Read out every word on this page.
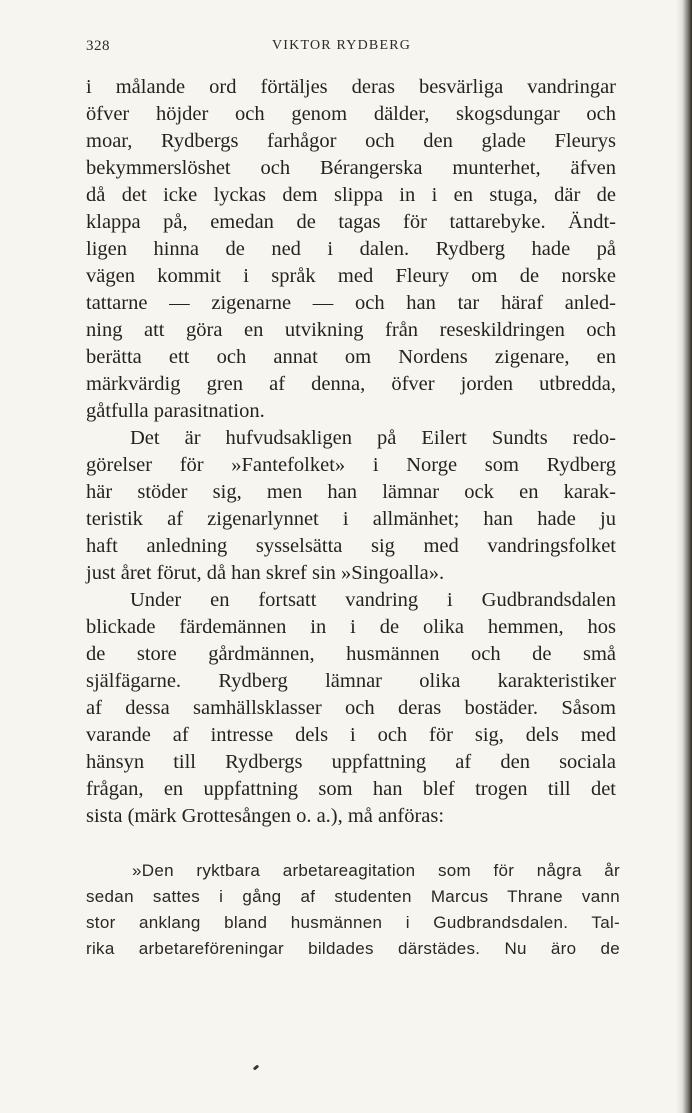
328	VIKTOR RYDBERG
i målande ord förtäljes deras besvärliga vandringar
öfver höjder och genom dälder, skogsdungar och
moar, Rydbergs farhågor och den glade Fleurys
bekymmerslöshet och Bérangerska munterhet, äfven
då det icke lyckas dem slippa in i en stuga, där de
klappa på, emedan de tagas för tattarebyke. Ändt-
ligen hinna de ned i dalen. Rydberg hade på
vägen kommit i språk med Fleury om de norske
tattarne — zigenarne — och han tar häraf anled-
ning att göra en utvikning från reseskildringen och
berätta ett och annat om Nordens zigenare, en
märkvärdig gren af denna, öfver jorden utbredda,
gåtfulla parasitnation.
Det är hufvudsakligen på Eilert Sundts redo-
görelser för »Fantefolket» i Norge som Rydberg
här stöder sig, men han lämnar ock en karak-
teristik af zigenarlynnet i allmänhet; han hade ju
haft anledning sysselsätta sig med vandringsfolket
just året förut, då han skref sin »Singoalla».
Under en fortsatt vandring i Gudbrandsdalen
blickade färdemännen in i de olika hemmen, hos
de store gårdmännen, husmännen och de små
själfägarne. Rydberg lämnar olika karakteristiker
af dessa samhällsklasser och deras bostäder. Såsom
varande af intresse dels i och för sig, dels med
hänsyn till Rydbergs uppfattning af den sociala
frågan, en uppfattning som han blef trogen till det
sista (märk Grottesången o. a.), må anföras:
»Den ryktbara arbetareagitation som för några år
sedan sattes i gång af studenten Marcus Thrane vann
stor anklang bland husmännen i Gudbrandsdalen. Tal-
rika arbetareföreningar bildades därstädes. Nu äro de
